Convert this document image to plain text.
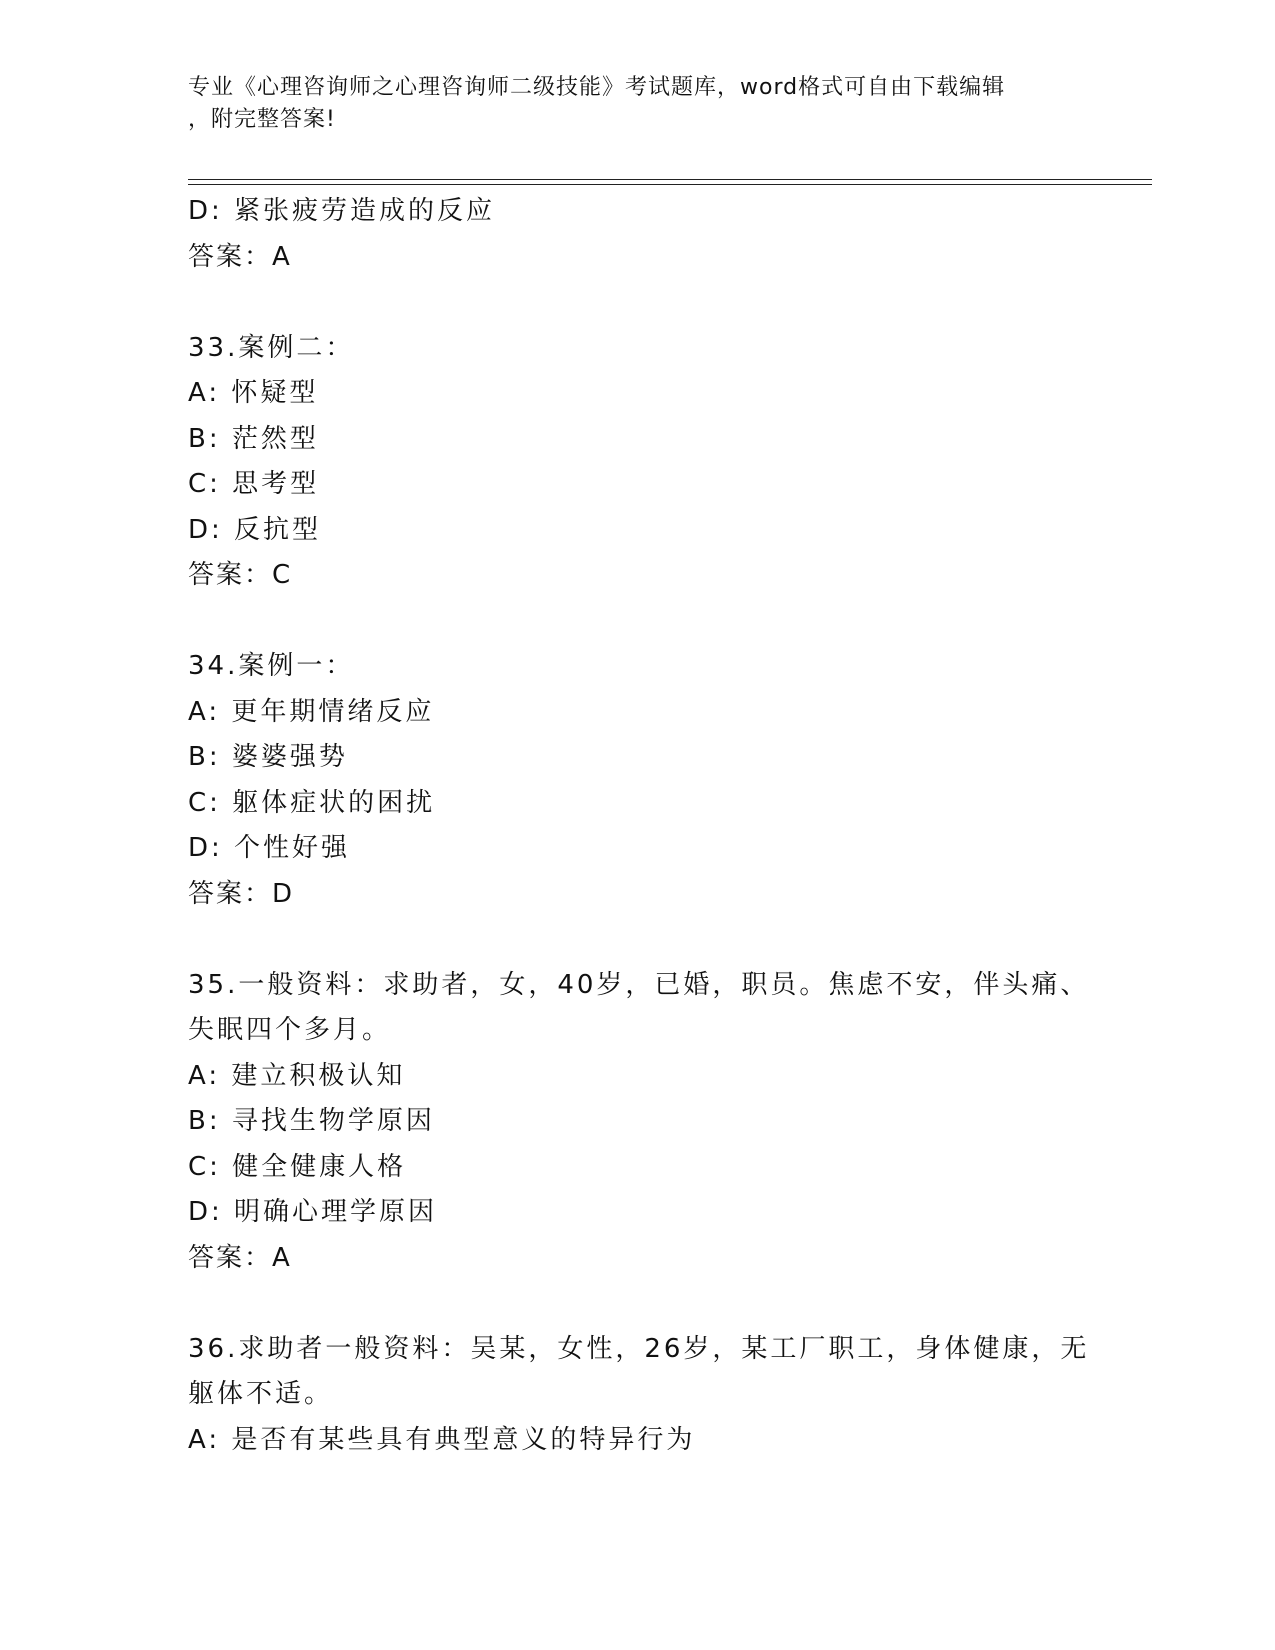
专业《心理咨询师之心理咨询师二级技能》考试题库，word格式可自由下载编辑
，附完整答案!
D: 紧张疲劳造成的反应
答案：A
33.案例二：
A: 怀疑型
B: 茫然型
C: 思考型
D: 反抗型
答案：C
34.案例一：
A: 更年期情绪反应
B: 婆婆强势
C: 躯体症状的困扰
D: 个性好强
答案：D
35.一般资料：求助者，女，40岁，已婚，职员。焦虑不安，伴头痛、
失眠四个多月。
A: 建立积极认知
B: 寻找生物学原因
C: 健全健康人格
D: 明确心理学原因
答案：A
36.求助者一般资料：吴某，女性，26岁，某工厂职工，身体健康，无
躯体不适。
A: 是否有某些具有典型意义的特异行为
